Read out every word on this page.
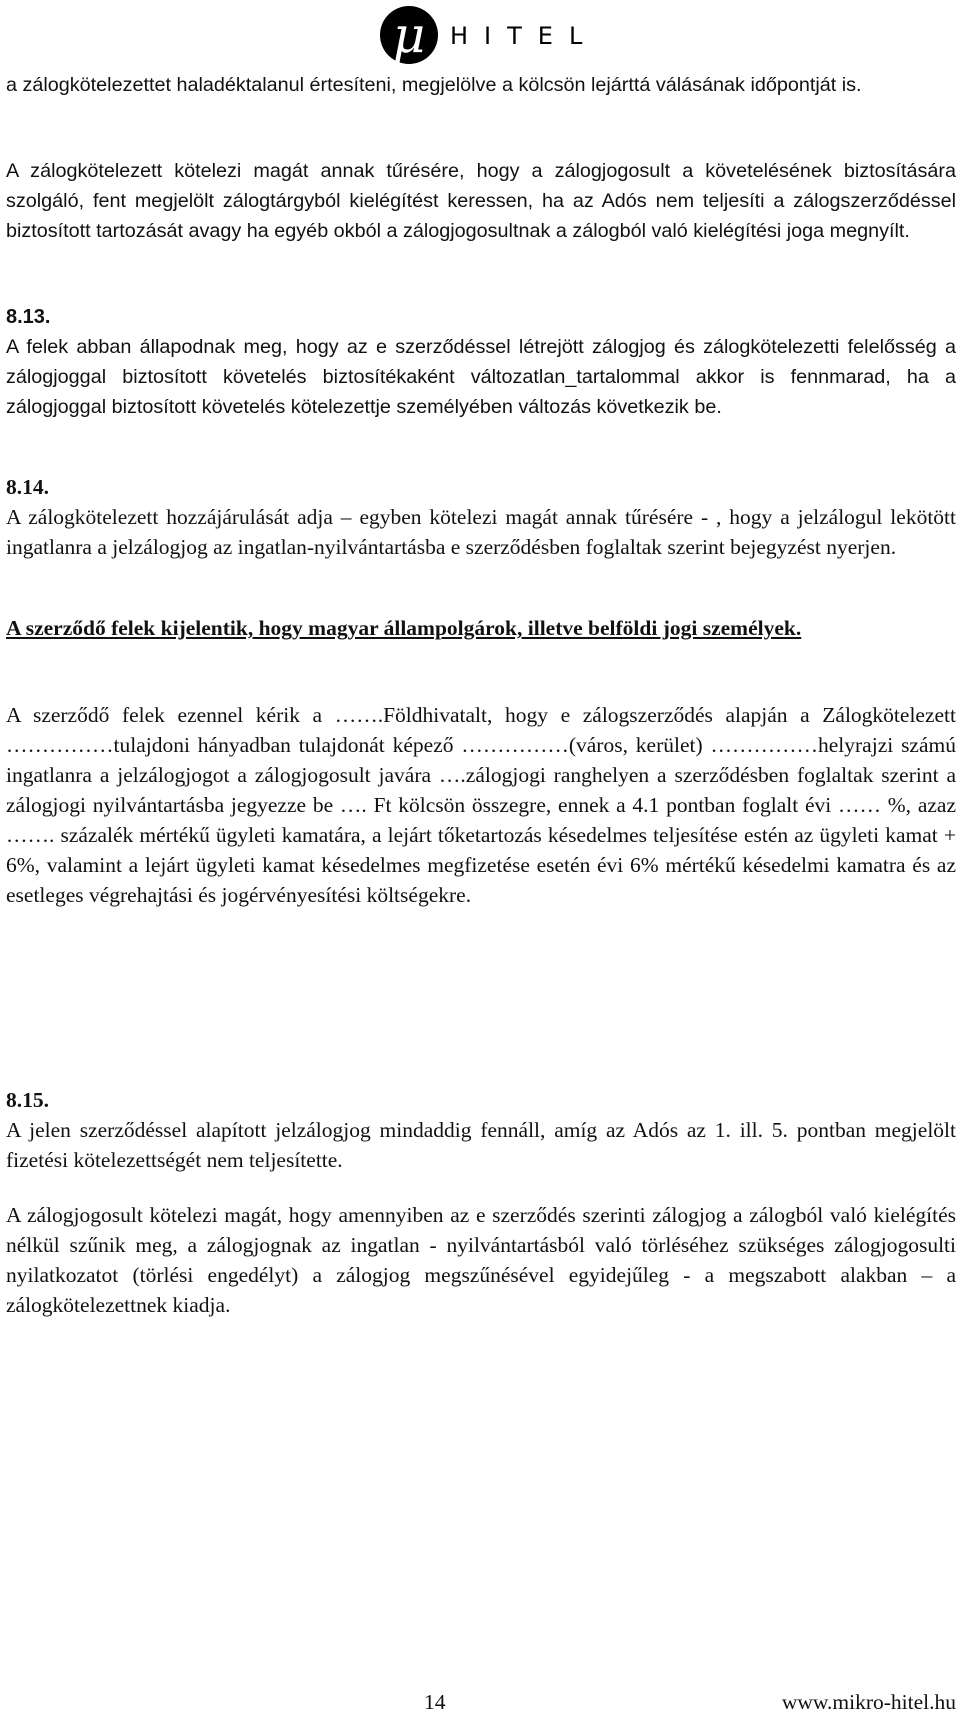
μ	HITEL

a zálogkötelezettet haladéktalanul értesíteni, megjelölve a kölcsön lejárttá válásának időpontját is.

A zálogkötelezett kötelezi magát annak tűrésére, hogy a zálogjogosult a követelésének biztosítására szolgáló, fent megjelölt zálogtárgyból kielégítést keressen, ha az Adós nem teljesíti a zálogszerződéssel biztosított tartozását avagy ha egyéb okból a zálogjogosultnak a zálogból való kielégítési joga megnyílt.

8.13.

A felek abban állapodnak meg, hogy az e szerződéssel létrejött zálogjog és zálogkötelezetti felelősség a zálogjoggal biztosított követelés biztosítékaként változatlan_tartalommal akkor is fennmarad, ha a zálogjoggal biztosított követelés kötelezettje személyében változás következik be.

8.14.

A zálogkötelezett hozzájárulását adja – egyben kötelezi magát annak tűrésére - , hogy a jelzálogul lekötött ingatlanra a jelzálogjog az ingatlan-nyilvántartásba e szerződésben foglaltak szerint bejegyzést nyerjen.

A szerződő felek kijelentik, hogy magyar állampolgárok, illetve belföldi jogi személyek.

A szerződő felek ezennel kérik a …….Földhivatalt, hogy e zálogszerződés alapján a Zálogkötelezett ……………tulajdoni hányadban tulajdonát képező ……………(város, kerület) ……………helyrajzi számú ingatlanra a jelzálogjogot a zálogjogosult javára ….zálogjogi ranghelyen a szerződésben foglaltak szerint a zálogjogi nyilvántartásba jegyezze be …. Ft kölcsön összegre, ennek a 4.1 pontban foglalt évi …… %, azaz ……. százalék mértékű ügyleti kamatára, a lejárt tőketartozás késedelmes teljesítése estén az ügyleti kamat + 6%, valamint a lejárt ügyleti kamat késedelmes megfizetése esetén évi 6% mértékű késedelmi kamatra és az esetleges végrehajtási és jogérvényesítési költségekre.

8.15.

A jelen szerződéssel alapított jelzálogjog mindaddig fennáll, amíg az Adós az 1. ill. 5. pontban megjelölt fizetési kötelezettségét nem teljesítette.

A zálogjogosult kötelezi magát, hogy amennyiben az e szerződés szerinti zálogjog a zálogból való kielégítés nélkül szűnik meg, a zálogjognak az ingatlan - nyilvántartásból való törléséhez szükséges zálogjogosulti nyilatkozatot (törlési engedélyt) a zálogjog megszűnésével egyidejűleg - a megszabott alakban – a zálogkötelezettnek kiadja.

14	www.mikro-hitel.hu
